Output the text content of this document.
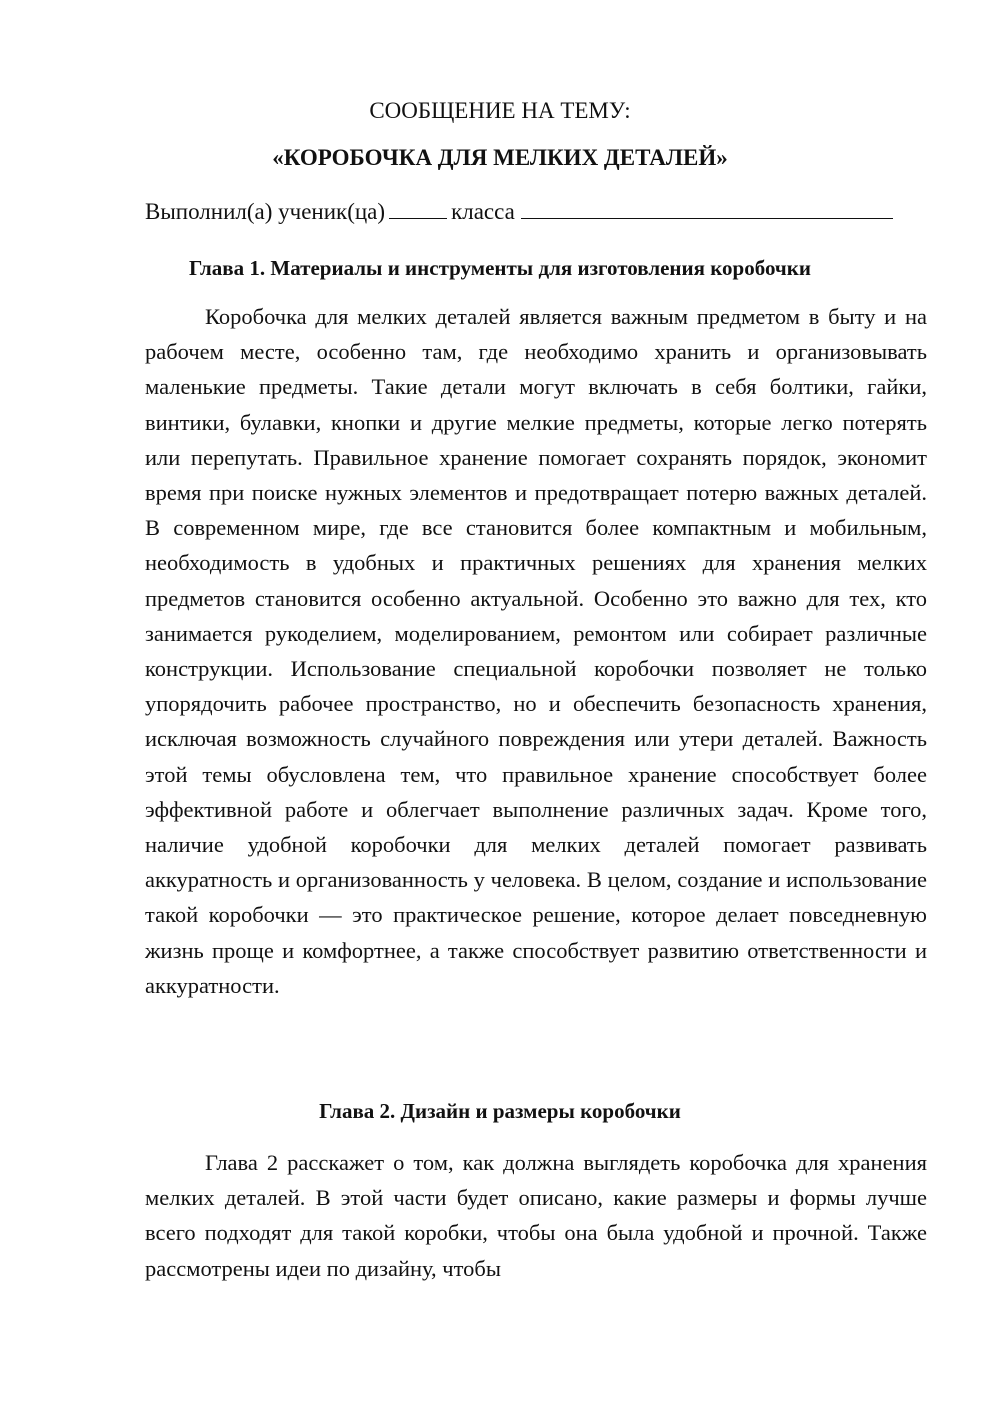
СООБЩЕНИЕ НА ТЕМУ:
«КОРОБОЧКА ДЛЯ МЕЛКИХ ДЕТАЛЕЙ»
Выполнил(а) ученик(ца)	класса
Глава 1. Материалы и инструменты для изготовления коробочки

Коробочка для мелких деталей является важным предметом в быту и на рабочем месте, особенно там, где необходимо хранить и организовывать маленькие предметы. Такие детали могут включать в себя болтики, гайки, винтики, булавки, кнопки и другие мелкие предметы, которые легко потерять или перепутать. Правильное хранение помогает сохранять порядок, экономит время при поиске нужных элементов и предотвращает потерю важных деталей. В современном мире, где все становится более компактным и мобильным, необходимость в удобных и практичных решениях для хранения мелких предметов становится особенно актуальной. Особенно это важно для тех, кто занимается рукоделием, моделированием, ремонтом или собирает различные конструкции. Использование специальной коробочки позволяет не только упорядочить рабочее пространство, но и обеспечить безопасность хранения, исключая возможность случайного повреждения или утери деталей. Важность этой темы обусловлена тем, что правильное хранение способствует более эффективной работе и облегчает выполнение различных задач. Кроме того, наличие удобной коробочки для мелких деталей помогает развивать аккуратность и организованность у человека. В целом, создание и использование такой коробочки — это практическое решение, которое делает повседневную жизнь проще и комфортнее, а также способствует развитию ответственности и аккуратности.

Глава 2. Дизайн и размеры коробочки

Глава 2 расскажет о том, как должна выглядеть коробочка для хранения мелких деталей. В этой части будет описано, какие размеры и формы лучше всего подходят для такой коробки, чтобы она была удобной и прочной. Также рассмотрены идеи по дизайну, чтобы
